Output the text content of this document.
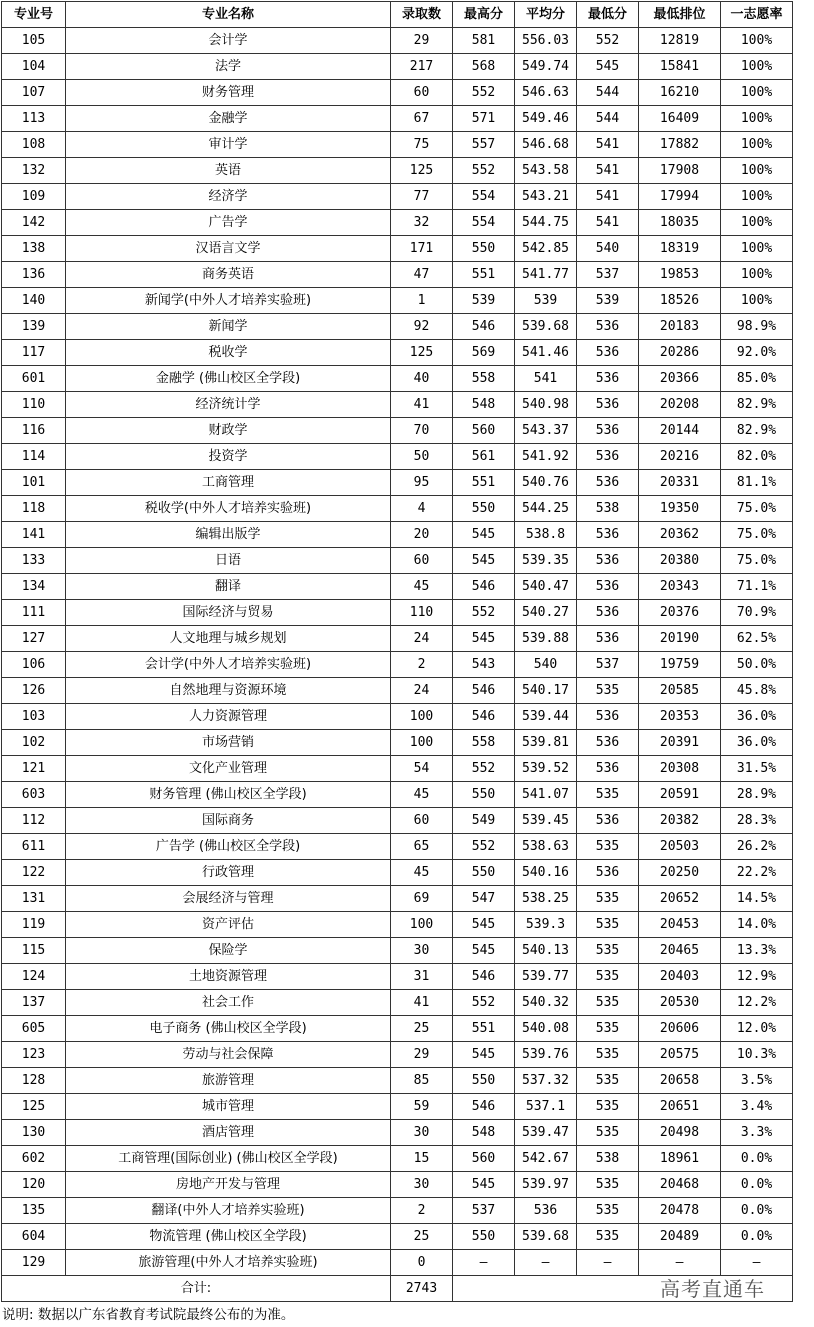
专业号	专业名称	录取数	最高分	平均分	最低分	最低排位	一志愿率
105	会计学	29	581	556.03	552	12819	100%
104	法学	217	568	549.74	545	15841	100%
107	财务管理	60	552	546.63	544	16210	100%
113	金融学	67	571	549.46	544	16409	100%
108	审计学	75	557	546.68	541	17882	100%
132	英语	125	552	543.58	541	17908	100%
109	经济学	77	554	543.21	541	17994	100%
142	广告学	32	554	544.75	541	18035	100%
138	汉语言文学	171	550	542.85	540	18319	100%
136	商务英语	47	551	541.77	537	19853	100%
140	新闻学(中外人才培养实验班)	1	539	539	539	18526	100%
139	新闻学	92	546	539.68	536	20183	98.9%
117	税收学	125	569	541.46	536	20286	92.0%
601	金融学 (佛山校区全学段)	40	558	541	536	20366	85.0%
110	经济统计学	41	548	540.98	536	20208	82.9%
116	财政学	70	560	543.37	536	20144	82.9%
114	投资学	50	561	541.92	536	20216	82.0%
101	工商管理	95	551	540.76	536	20331	81.1%
118	税收学(中外人才培养实验班)	4	550	544.25	538	19350	75.0%
141	编辑出版学	20	545	538.8	536	20362	75.0%
133	日语	60	545	539.35	536	20380	75.0%
134	翻译	45	546	540.47	536	20343	71.1%
111	国际经济与贸易	110	552	540.27	536	20376	70.9%
127	人文地理与城乡规划	24	545	539.88	536	20190	62.5%
106	会计学(中外人才培养实验班)	2	543	540	537	19759	50.0%
126	自然地理与资源环境	24	546	540.17	535	20585	45.8%
103	人力资源管理	100	546	539.44	536	20353	36.0%
102	市场营销	100	558	539.81	536	20391	36.0%
121	文化产业管理	54	552	539.52	536	20308	31.5%
603	财务管理 (佛山校区全学段)	45	550	541.07	535	20591	28.9%
112	国际商务	60	549	539.45	536	20382	28.3%
611	广告学 (佛山校区全学段)	65	552	538.63	535	20503	26.2%
122	行政管理	45	550	540.16	536	20250	22.2%
131	会展经济与管理	69	547	538.25	535	20652	14.5%
119	资产评估	100	545	539.3	535	20453	14.0%
115	保险学	30	545	540.13	535	20465	13.3%
124	土地资源管理	31	546	539.77	535	20403	12.9%
137	社会工作	41	552	540.32	535	20530	12.2%
605	电子商务 (佛山校区全学段)	25	551	540.08	535	20606	12.0%
123	劳动与社会保障	29	545	539.76	535	20575	10.3%
128	旅游管理	85	550	537.32	535	20658	3.5%
125	城市管理	59	546	537.1	535	20651	3.4%
130	酒店管理	30	548	539.47	535	20498	3.3%
602	工商管理(国际创业) (佛山校区全学段)	15	560	542.67	538	18961	0.0%
120	房地产开发与管理	30	545	539.97	535	20468	0.0%
135	翻译(中外人才培养实验班)	2	537	536	535	20478	0.0%
604	物流管理 (佛山校区全学段)	25	550	539.68	535	20489	0.0%
129	旅游管理(中外人才培养实验班)	0	—	—	—	—	—
合计:		2743						高考直通车
说明: 数据以广东省教育考试院最终公布的为准。
